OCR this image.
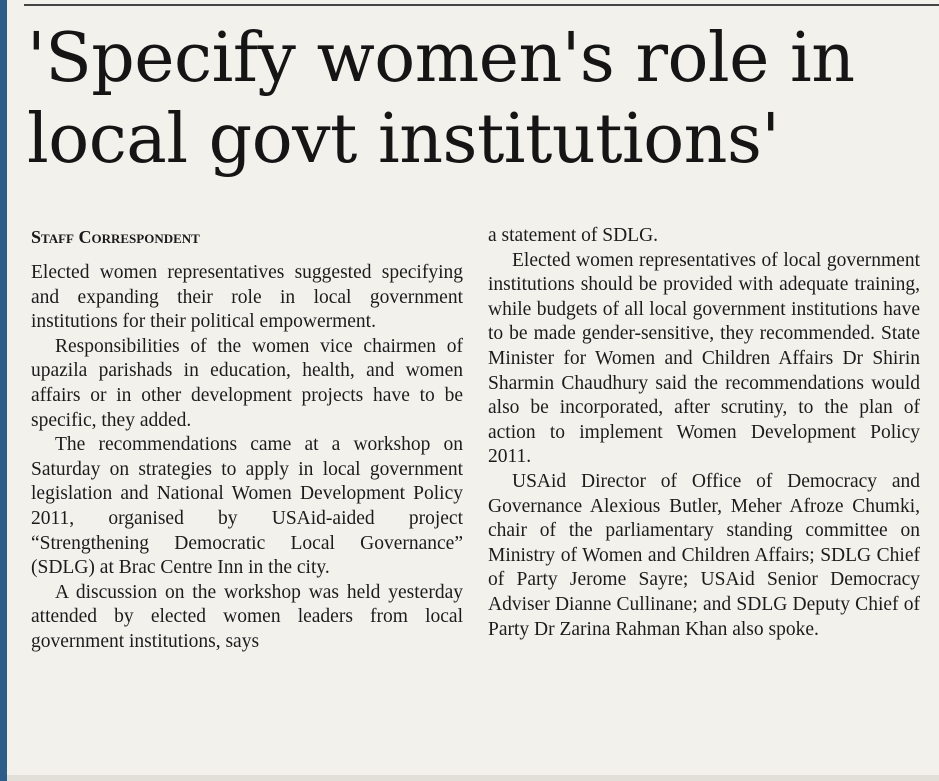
'Specify women's role in local govt institutions'
Staff Correspondent

Elected women representatives suggested specifying and expanding their role in local government institutions for their political empowerment.

Responsibilities of the women vice chairmen of upazila parishads in education, health, and women affairs or in other development projects have to be specific, they added.

The recommendations came at a workshop on Saturday on strategies to apply in local government legislation and National Women Development Policy 2011, organised by USAid-aided project “Strengthening Democratic Local Governance” (SDLG) at Brac Centre Inn in the city.

A discussion on the workshop was held yesterday attended by elected women leaders from local government institutions, says

a statement of SDLG.

Elected women representatives of local government institutions should be provided with adequate training, while budgets of all local government institutions have to be made gender-sensitive, they recommended. State Minister for Women and Children Affairs Dr Shirin Sharmin Chaudhury said the recommendations would also be incorporated, after scrutiny, to the plan of action to implement Women Development Policy 2011.

USAid Director of Office of Democracy and Governance Alexious Butler, Meher Afroze Chumki, chair of the parliamentary standing committee on Ministry of Women and Children Affairs; SDLG Chief of Party Jerome Sayre; USAid Senior Democracy Adviser Dianne Cullinane; and SDLG Deputy Chief of Party Dr Zarina Rahman Khan also spoke.
